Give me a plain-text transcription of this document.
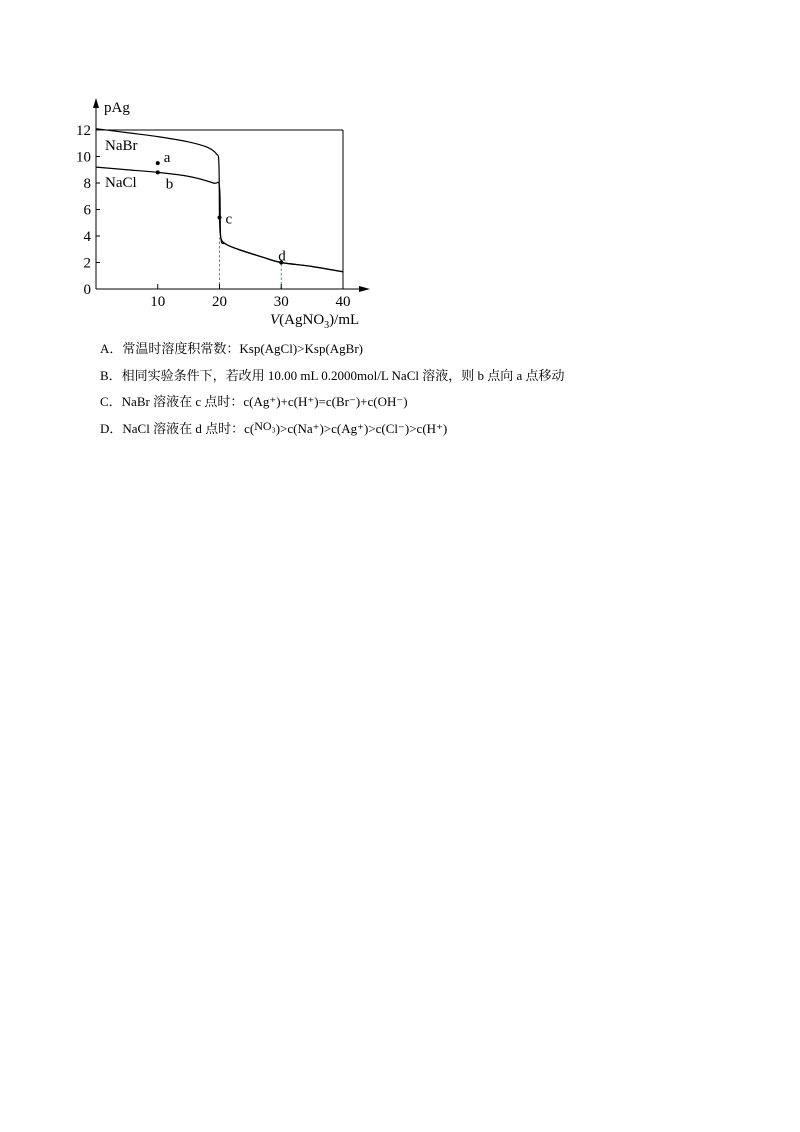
NaBr
NaCl
10	20	30	40
0
2
4
6
8
10
12
a
b
c
d
pAg
V(AgNO$_3$)/mL
A．常温时溶度积常数：Ksp(AgCl)>Ksp(AgBr)
B．相同实验条件下，若改用 10.00 mL 0.2000mol/L NaCl 溶液，则 b 点向 a 点移动
C．NaBr 溶液在 c 点时：c(Ag⁺)+c(H⁺)=c(Br⁻)+c(OH⁻)
D．NaCl 溶液在 d 点时：c(NO₃)>c(Na⁺)>c(Ag⁺)>c(Cl⁻)>c(H⁺)
